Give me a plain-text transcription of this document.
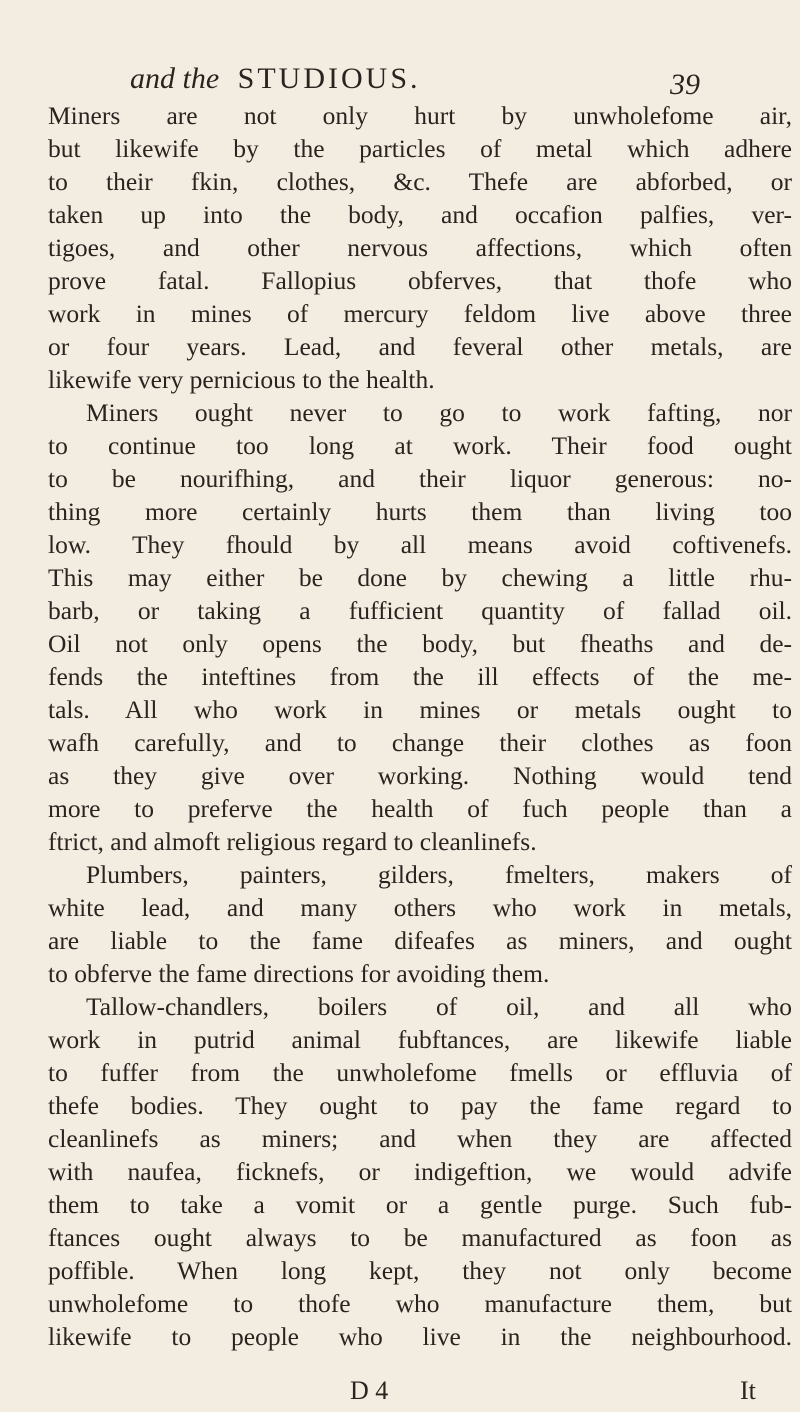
and the STUDIOUS.	39
Miners are not only hurt by unwholefome air,
but likewife by the particles of metal which adhere
to their fkin, clothes, &c. Thefe are abforbed, or
taken up into the body, and occafion palfies, ver-
tigoes, and other nervous affections, which often
prove fatal. Fallopius obferves, that thofe who
work in mines of mercury feldom live above three
or four years. Lead, and feveral other metals, are
likewife very pernicious to the health.
Miners ought never to go to work fafting, nor
to continue too long at work. Their food ought
to be nourifhing, and their liquor generous: no-
thing more certainly hurts them than living too
low. They fhould by all means avoid coftivenefs.
This may either be done by chewing a little rhu-
barb, or taking a fufficient quantity of fallad oil.
Oil not only opens the body, but fheaths and de-
fends the inteftines from the ill effects of the me-
tals. All who work in mines or metals ought to
wafh carefully, and to change their clothes as foon
as they give over working. Nothing would tend
more to preferve the health of fuch people than a
ftrict, and almoft religious regard to cleanlinefs.
Plumbers, painters, gilders, fmelters, makers of
white lead, and many others who work in metals,
are liable to the fame difeafes as miners, and ought
to obferve the fame directions for avoiding them.
Tallow-chandlers, boilers of oil, and all who
work in putrid animal fubftances, are likewife liable
to fuffer from the unwholefome fmells or effluvia of
thefe bodies. They ought to pay the fame regard to
cleanlinefs as miners; and when they are affected
with naufea, ficknefs, or indigeftion, we would advife
them to take a vomit or a gentle purge. Such fub-
ftances ought always to be manufactured as foon as
poffible. When long kept, they not only become
unwholefome to thofe who manufacture them, but
likewife to people who live in the neighbourhood.
D 4	It
